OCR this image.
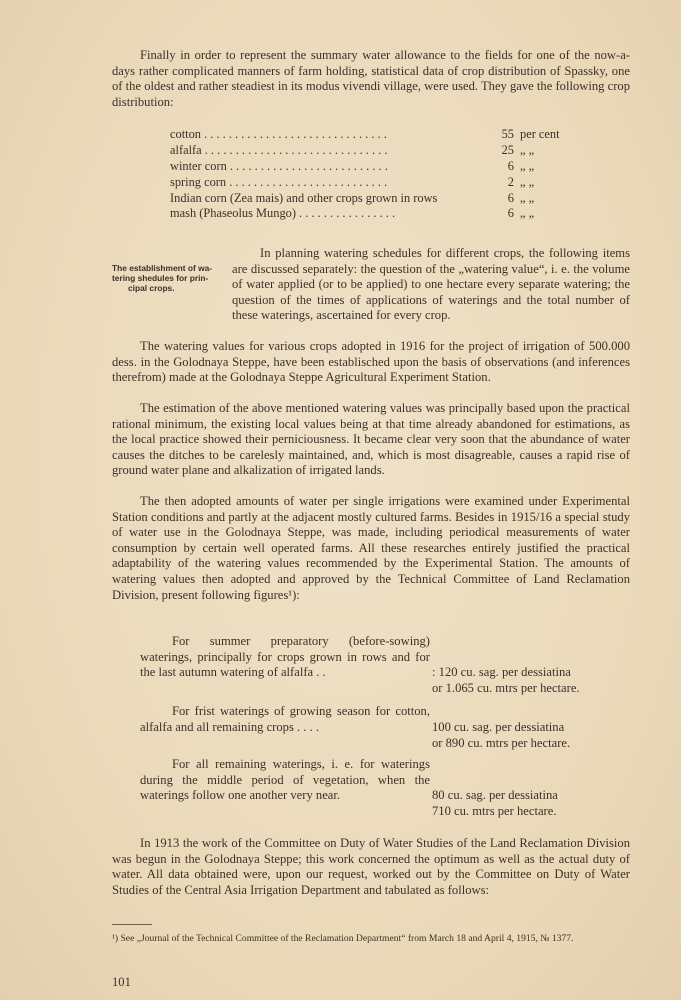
Finally in order to represent the summary water allowance to the fields for one of the now-a-days rather complicated manners of farm holding, statistical data of crop distribution of Spassky, one of the oldest and rather steadiest in its modus vivendi village, were used. They gave the following crop distribution:

cotton . . . . . . . . . . . . . . . . . . . . . . . . . . . . . .	55 per cent
alfalfa . . . . . . . . . . . . . . . . . . . . . . . . . . . . . .	25 „ „
winter corn . . . . . . . . . . . . . . . . . . . . . . . . . .	6 „ „
spring corn . . . . . . . . . . . . . . . . . . . . . . . . . .	2 „ „
Indian corn (Zea mais) and other crops grown in rows	6 „ „
mash (Phaseolus Mungo) . . . . . . . . . . . . . . . .	6 „ „
The establishment of wa-
tering shedules for prin-
cipal crops.

In planning watering schedules for different crops, the following items are discussed separately: the question of the „watering value“, i. e. the volume of water applied (or to be applied) to one hectare every separate watering; the question of the times of applications of waterings and the total number of these waterings, ascertained for every crop.

The watering values for various crops adopted in 1916 for the project of irrigation of 500.000 dess. in the Golodnaya Steppe, have been establisched upon the basis of observations (and inferences therefrom) made at the Golodnaya Steppe Agricultural Experiment Station.

The estimation of the above mentioned watering values was principally based upon the practical rational minimum, the existing local values being at that time already abandoned for estimations, as the local practice showed their perniciousness. It became clear very soon that the abundance of water causes the ditches to be carelesly maintained, and, which is most disagreable, causes a rapid rise of ground water plane and alkalization of irrigated lands.

The then adopted amounts of water per single irrigations were examined under Experimental Station conditions and partly at the adjacent mostly cultured farms. Besides in 1915/16 a special study of water use in the Golodnaya Steppe, was made, including periodical measurements of water consumption by certain well operated farms. All these researches entirely justified the practical adaptability of the watering values recommended by the Experimental Station. The amounts of watering values then adopted and approved by the Technical Committee of Land Reclamation Division, present following figures¹):

For summer preparatory (before-sowing) waterings, principally for crops grown in rows and for the last autumn watering of alfalfa . .	: 120 cu. sag. per dessiatina
or 1.065 cu. mtrs per hectare.
For frist waterings of growing season for cotton, alfalfa and all remaining crops . . . .	100 cu. sag. per dessiatina
or 890 cu. mtrs per hectare.
For all remaining waterings, i. e. for waterings during the middle period of vegetation, when the waterings follow one another very near.	80 cu. sag. per dessiatina
710 cu. mtrs per hectare.

In 1913 the work of the Committee on Duty of Water Studies of the Land Reclamation Division was begun in the Golodnaya Steppe; this work concerned the optimum as well as the actual duty of water. All data obtained were, upon our request, worked out by the Committee on Duty of Water Studies of the Central Asia Irrigation Department and tabulated as follows:

¹) See „Journal of the Technical Committee of the Reclamation Department“ from March 18 and April 4, 1915, № 1377.
101
